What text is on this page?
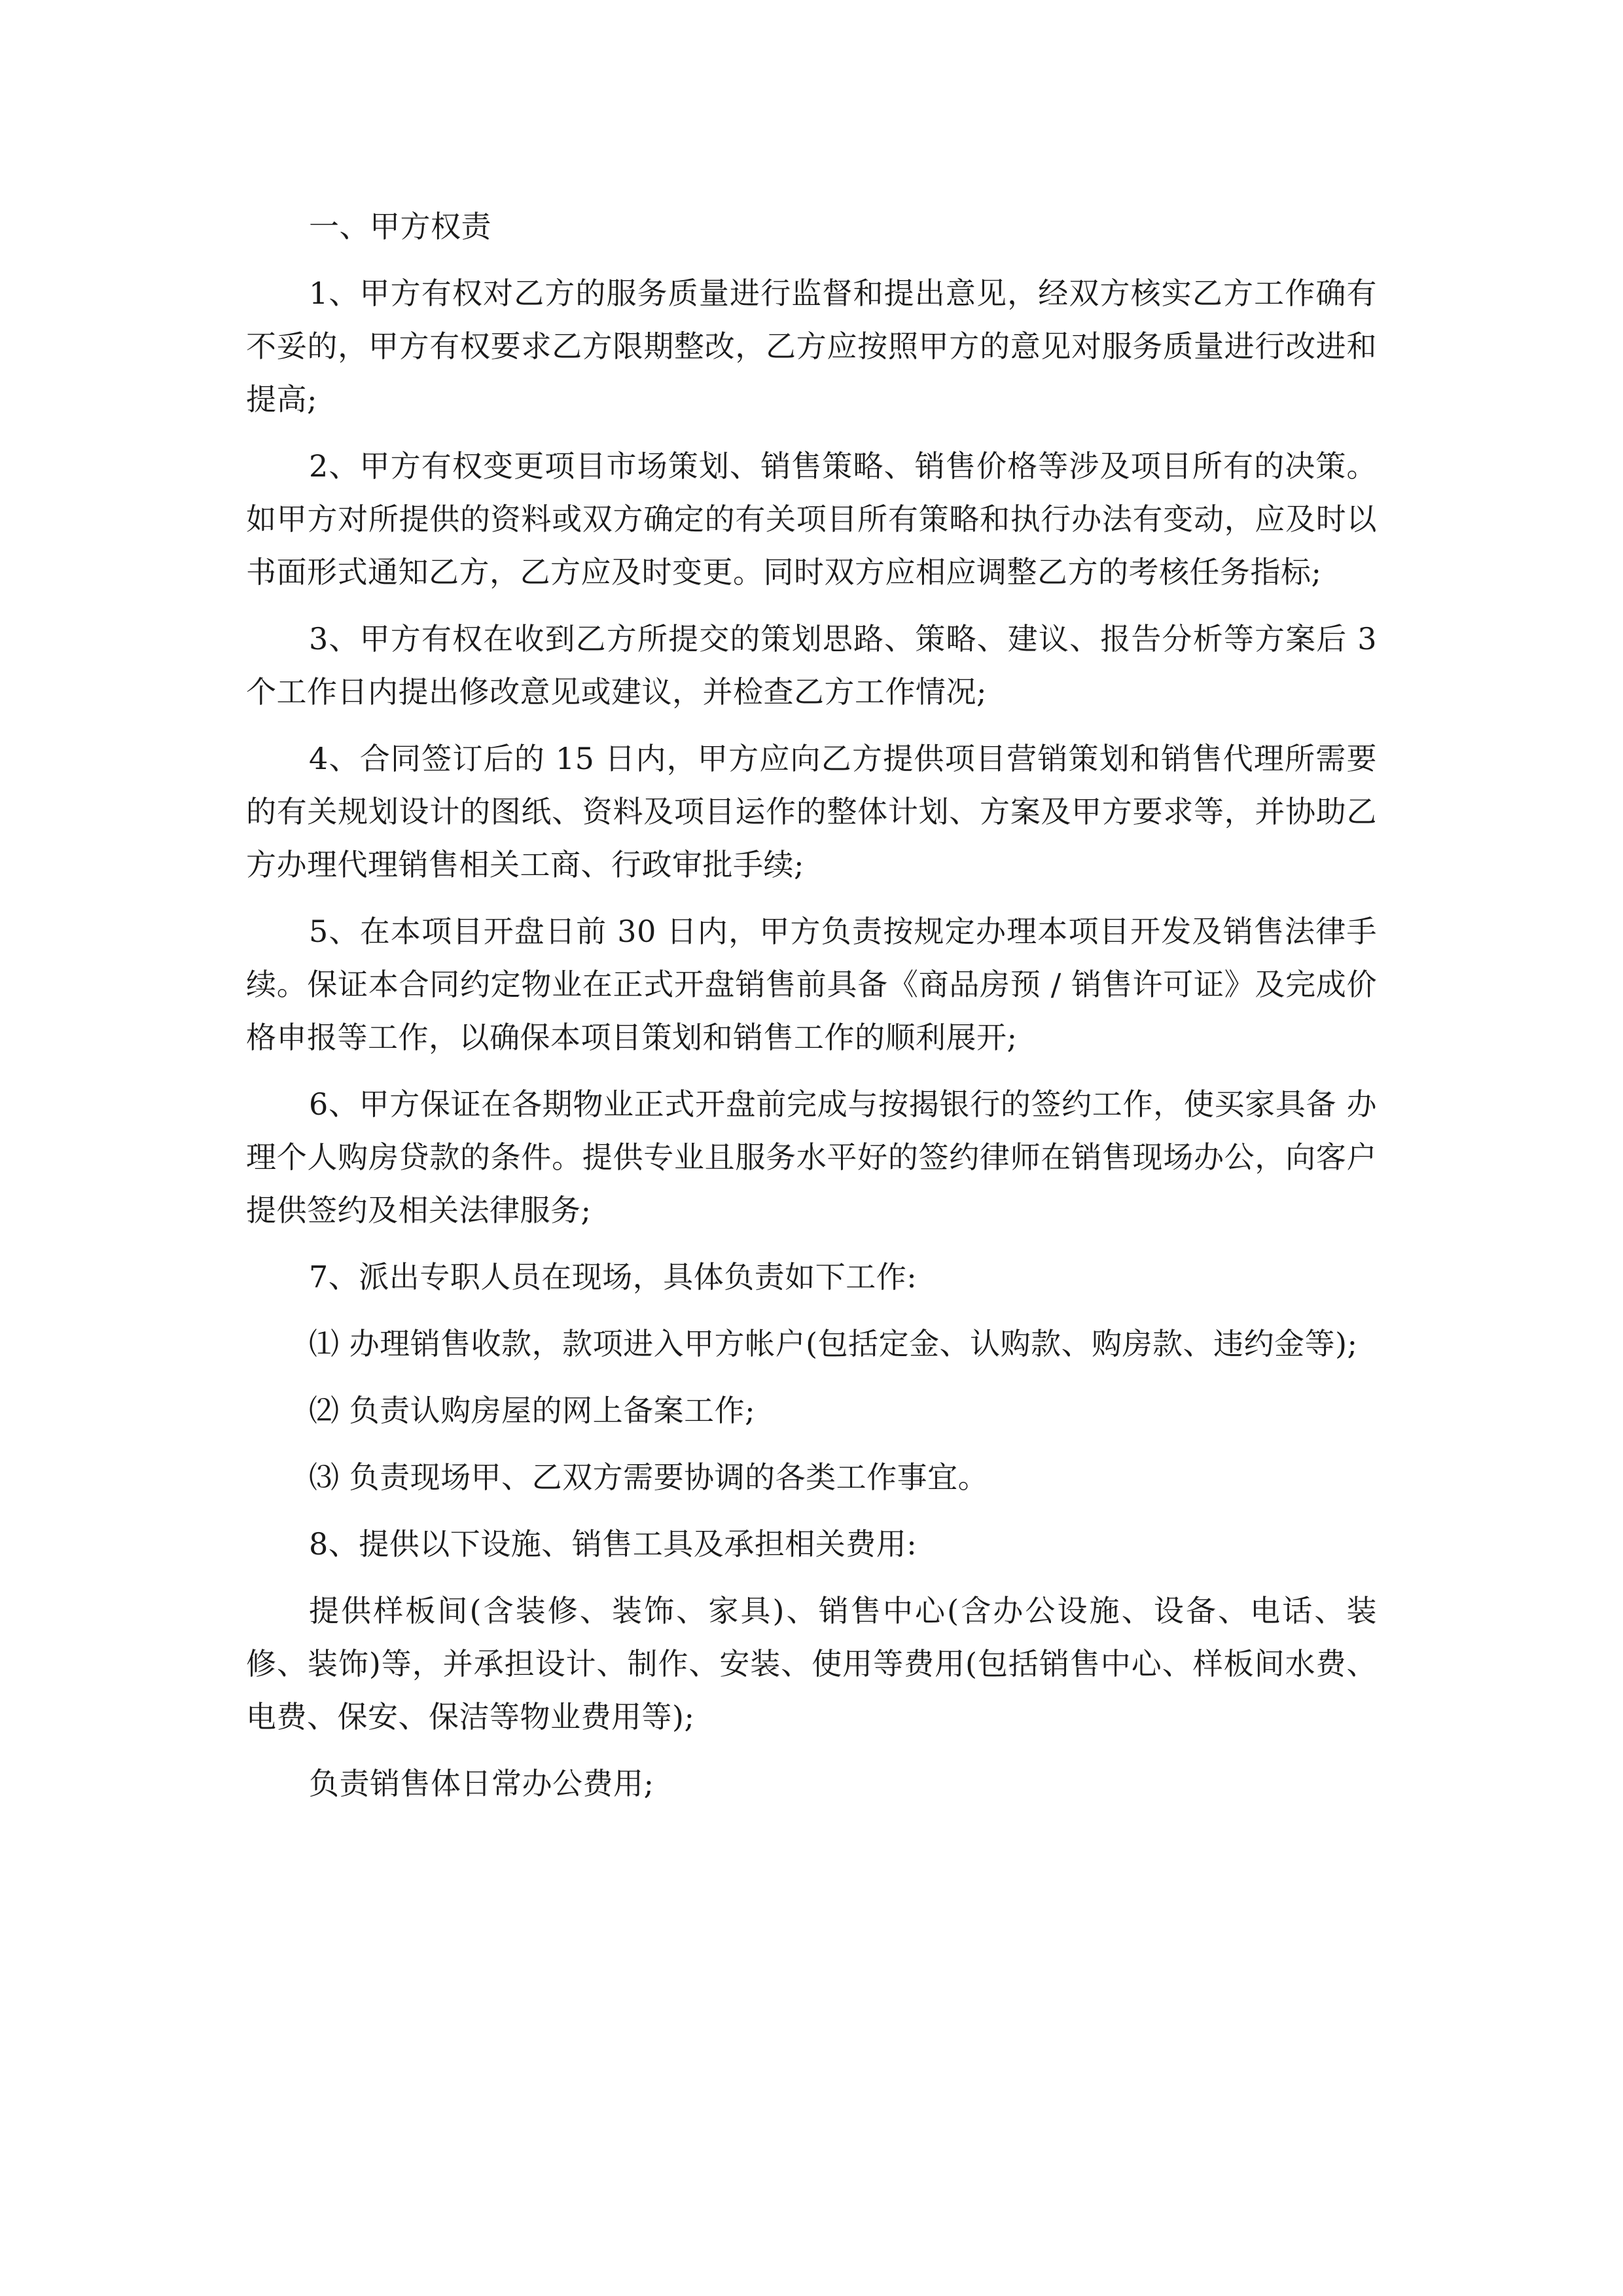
一、甲方权责

1、甲方有权对乙方的服务质量进行监督和提出意见，经双方核实乙方工作确有不妥的，甲方有权要求乙方限期整改，乙方应按照甲方的意见对服务质量进行改进和提高;

2、甲方有权变更项目市场策划、销售策略、销售价格等涉及项目所有的决策。如甲方对所提供的资料或双方确定的有关项目所有策略和执行办法有变动，应及时以书面形式通知乙方，乙方应及时变更。同时双方应相应调整乙方的考核任务指标;

3、甲方有权在收到乙方所提交的策划思路、策略、建议、报告分析等方案后 3 个工作日内提出修改意见或建议，并检查乙方工作情况;

4、合同签订后的 15 日内，甲方应向乙方提供项目营销策划和销售代理所需要的有关规划设计的图纸、资料及项目运作的整体计划、方案及甲方要求等，并协助乙方办理代理销售相关工商、行政审批手续;

5、在本项目开盘日前 30 日内，甲方负责按规定办理本项目开发及销售法律手续。保证本合同约定物业在正式开盘销售前具备《商品房预 / 销售许可证》及完成价格申报等工作，以确保本项目策划和销售工作的顺利展开;

6、甲方保证在各期物业正式开盘前完成与按揭银行的签约工作，使买家具备 办理个人购房贷款的条件。提供专业且服务水平好的签约律师在销售现场办公，向客户提供签约及相关法律服务;

7、派出专职人员在现场，具体负责如下工作:

⑴ 办理销售收款，款项进入甲方帐户(包括定金、认购款、购房款、违约金等);

⑵ 负责认购房屋的网上备案工作;

⑶ 负责现场甲、乙双方需要协调的各类工作事宜。

8、提供以下设施、销售工具及承担相关费用:

提供样板间(含装修、装饰、家具)、销售中心(含办公设施、设备、电话、装修、装饰)等，并承担设计、制作、安装、使用等费用(包括销售中心、样板间水费、电费、保安、保洁等物业费用等);

负责销售体日常办公费用;
